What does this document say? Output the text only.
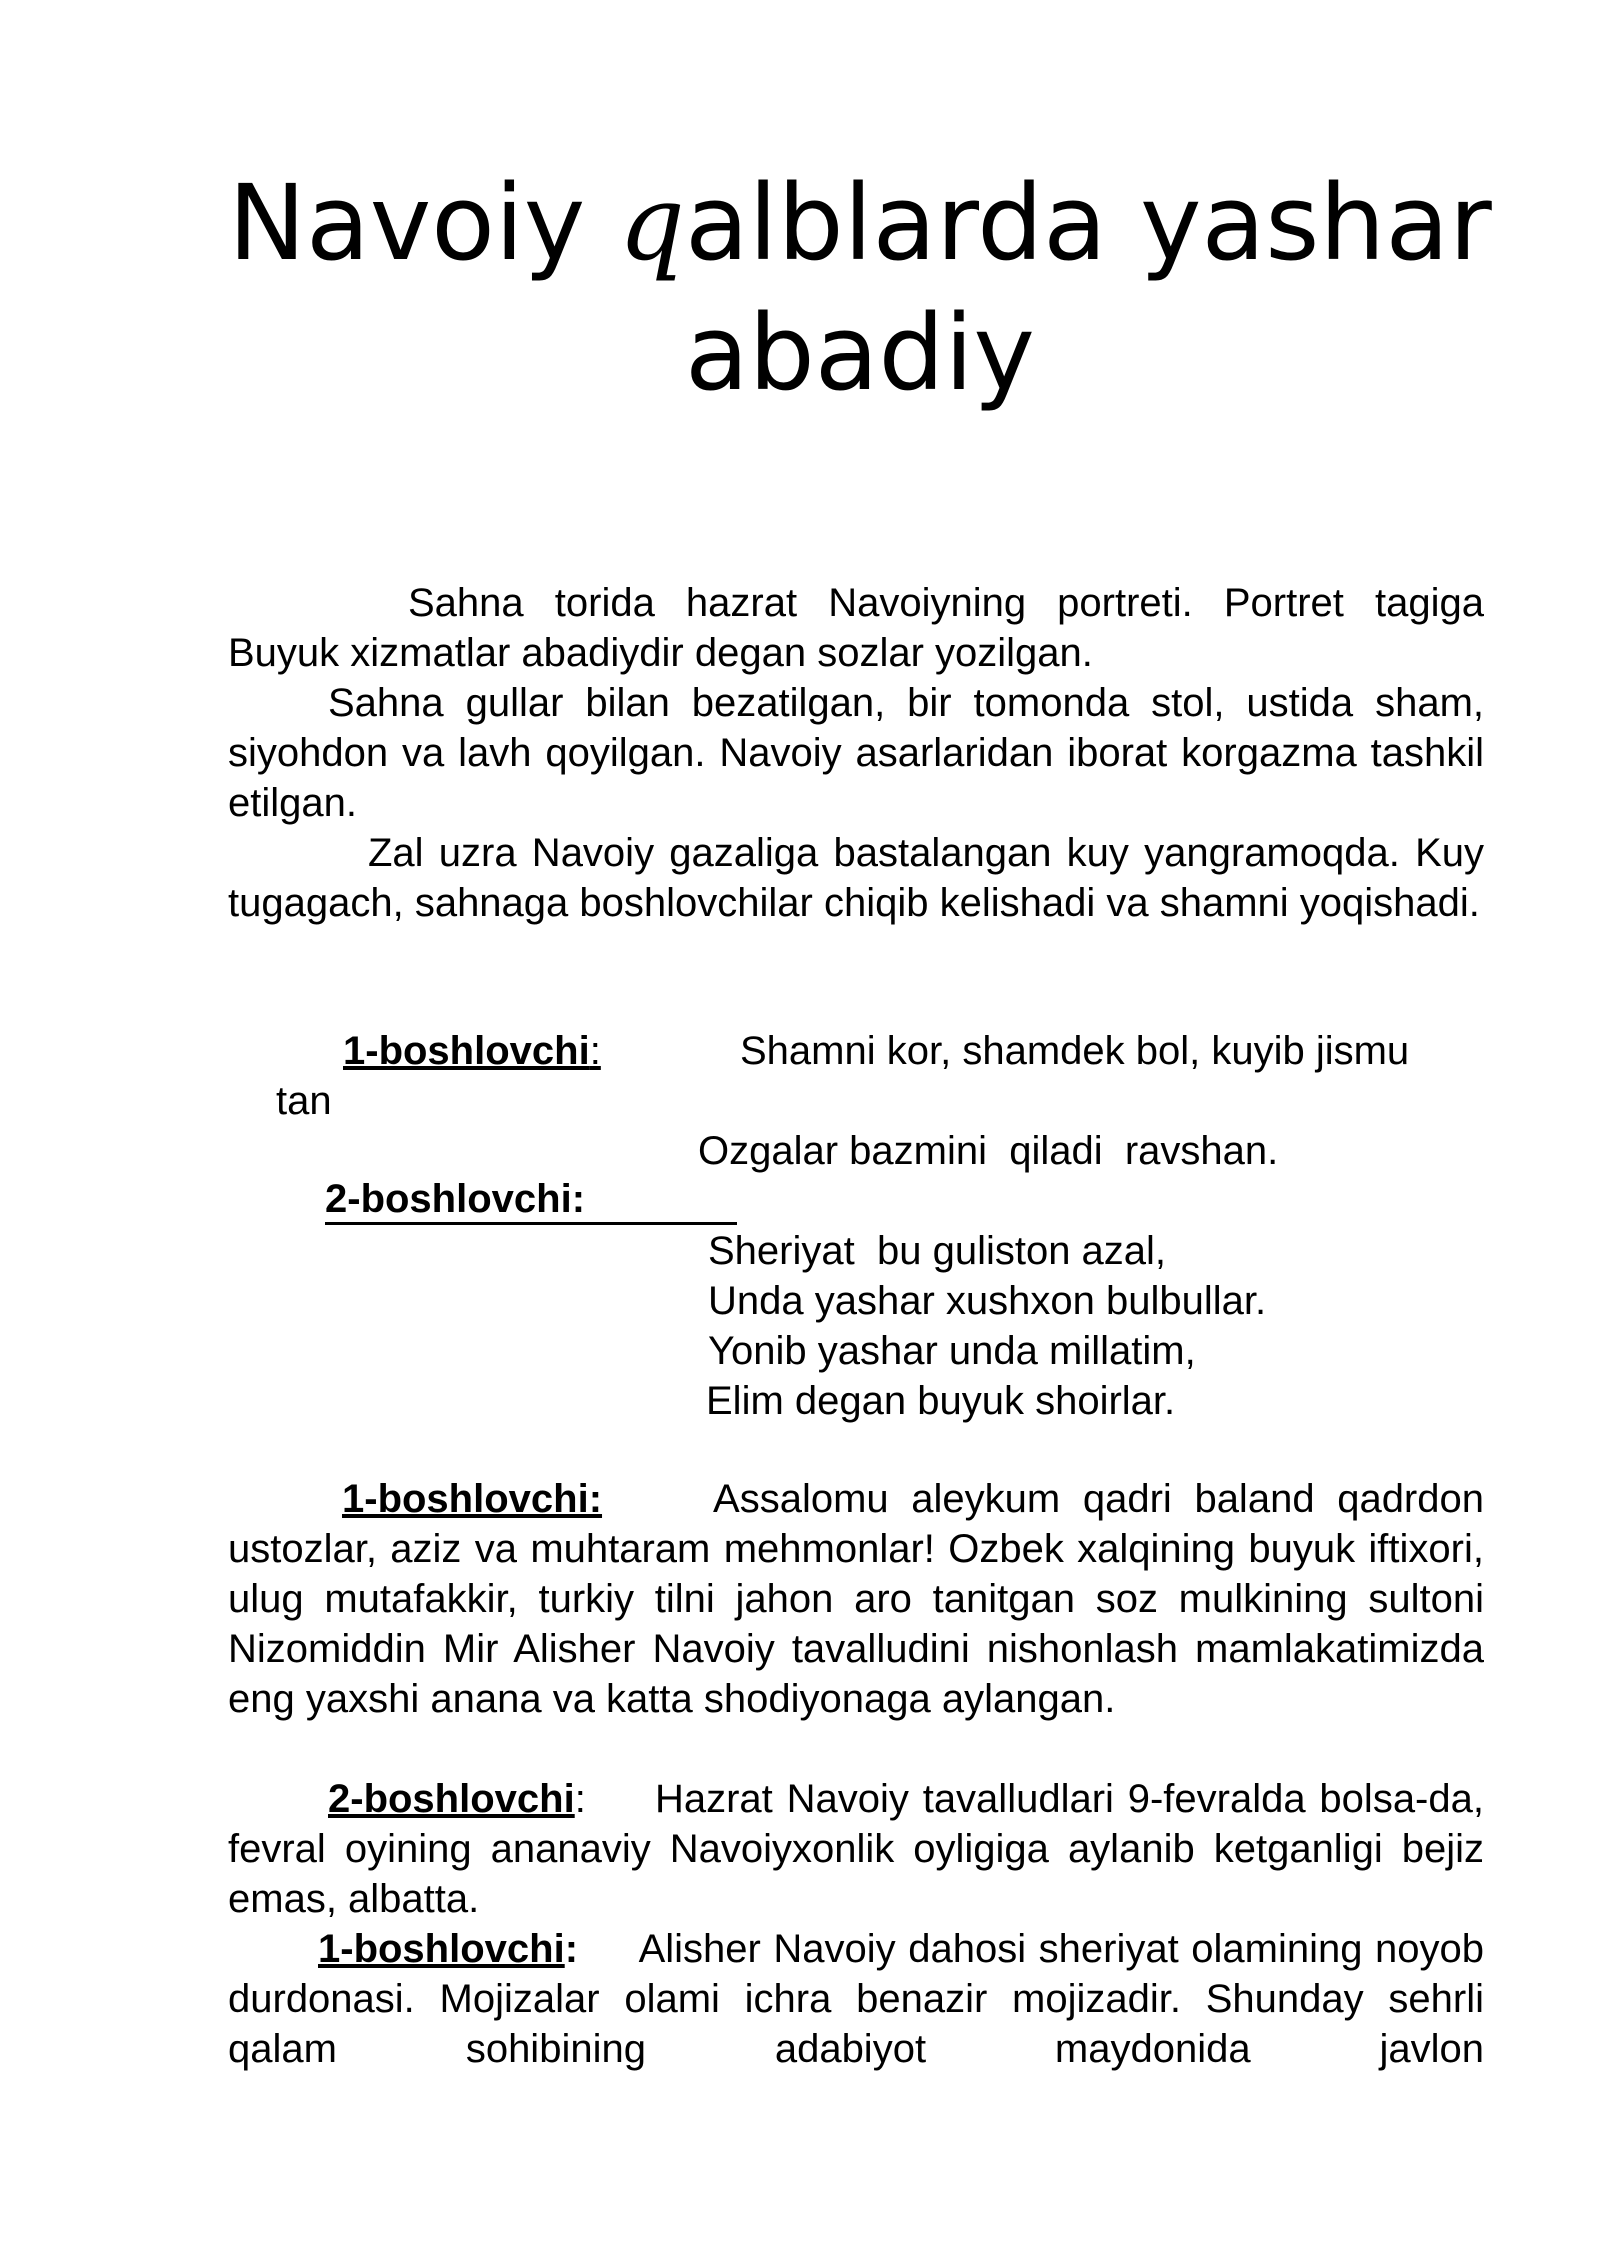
Navoiy qalblarda yashar
abadiy

Sahna torida hazrat Navoiyning portreti. Portret tagiga Buyuk xizmatlar abadiydir degan sozlar yozilgan.

Sahna gullar bilan bezatilgan, bir tomonda stol, ustida sham, siyohdon va lavh qoyilgan. Navoiy asarlaridan iborat korgazma tashkil etilgan.

Zal uzra Navoiy gazaliga bastalangan kuy yangramoqda. Kuy tugagach, sahnaga boshlovchilar chiqib kelishadi va shamni yoqishadi.

1-boshlovchi:	Shamni kor, shamdek bol, kuyib jismu
tan
Ozgalar bazmini  qiladi  ravshan.
2-boshlovchi:
Sheriyat  bu guliston azal,
Unda yashar xushxon bulbullar.
Yonib yashar unda millatim,
Elim degan buyuk shoirlar.

1-boshlovchi:	Assalomu aleykum qadri baland qadrdon ustozlar, aziz va muhtaram mehmonlar! Ozbek xalqining buyuk iftixori, ulug mutafakkir, turkiy tilni jahon aro tanitgan soz mulkining sultoni Nizomiddin Mir Alisher Navoiy tavalludini nishonlash mamlakatimizda eng yaxshi anana va katta shodiyonaga aylangan.

2-boshlovchi: Hazrat Navoiy tavalludlari 9-fevralda bolsa-da, fevral oyining ananaviy Navoiyxonlik oyligiga aylanib ketganligi bejiz emas, albatta.

1-boshlovchi: Alisher Navoiy dahosi sheriyat olamining noyob durdonasi. Mojizalar olami ichra benazir mojizadir. Shunday sehrli qalam sohibining adabiyot maydonida javlon
